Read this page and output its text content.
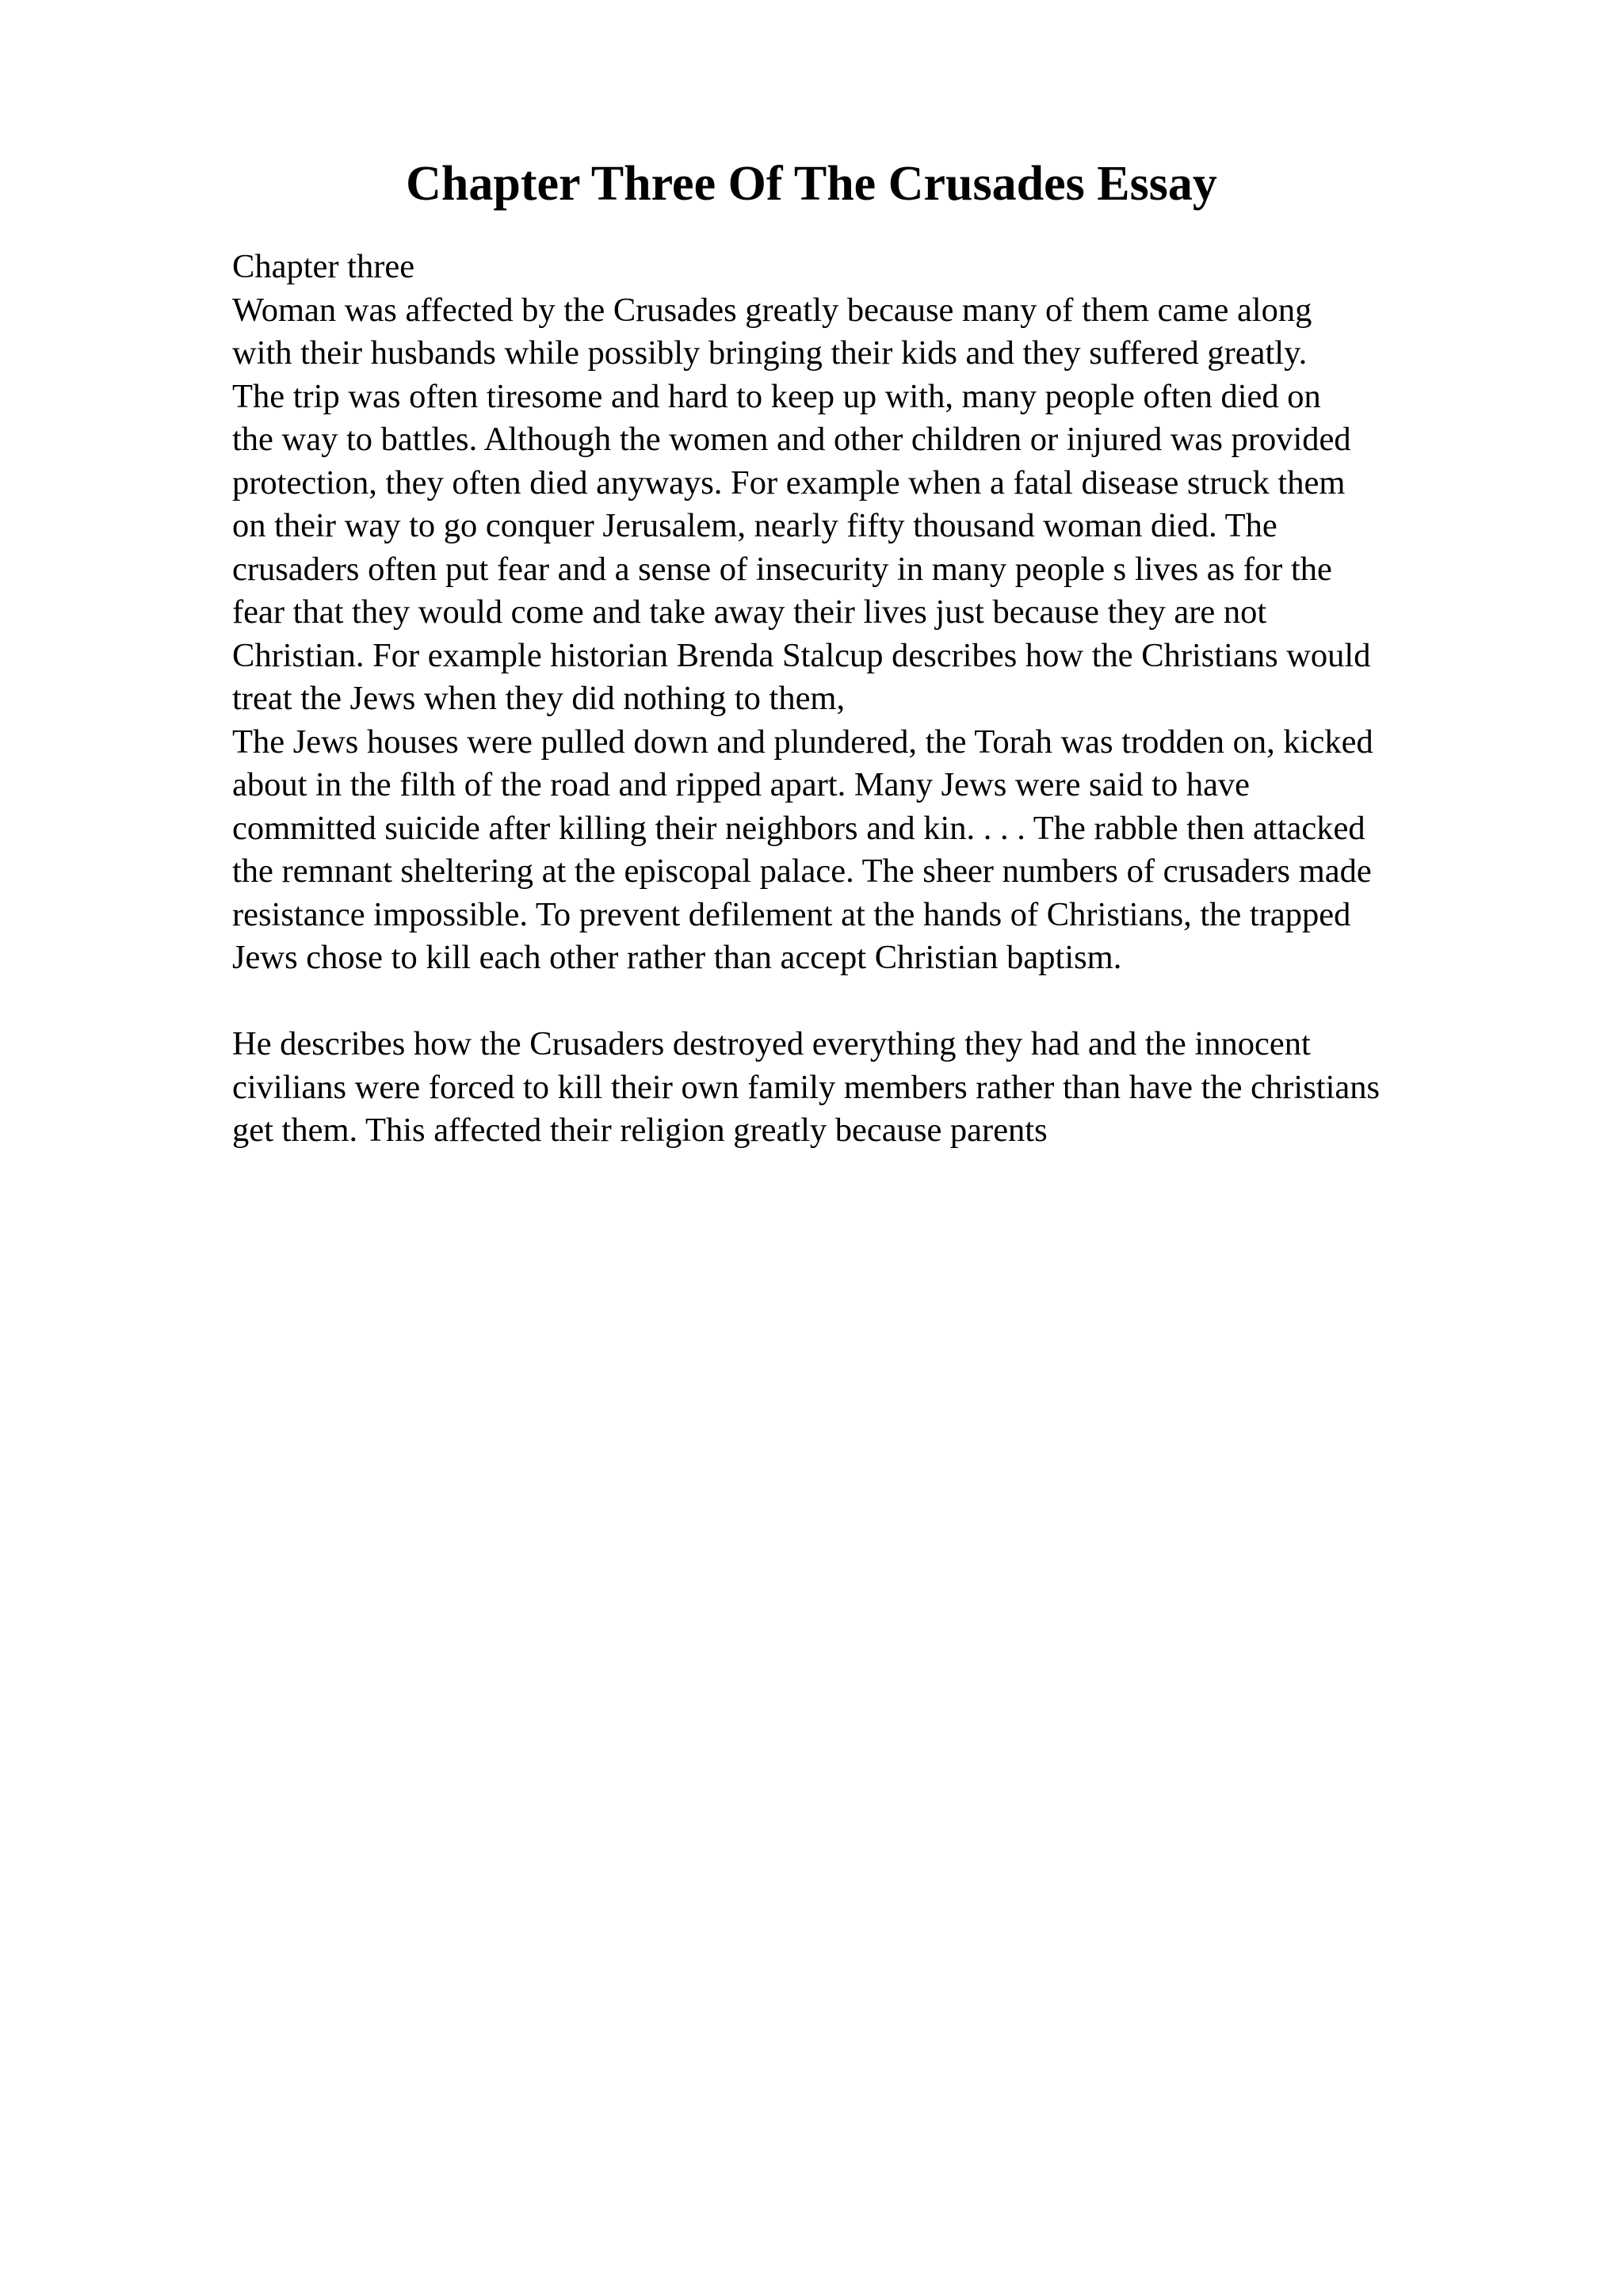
Chapter Three Of The Crusades Essay
Chapter three
Woman was affected by the Crusades greatly because many of them came along
with their husbands while possibly bringing their kids and they suffered greatly.
The trip was often tiresome and hard to keep up with, many people often died on
the way to battles. Although the women and other children or injured was provided
protection, they often died anyways. For example when a fatal disease struck them
on their way to go conquer Jerusalem, nearly fifty thousand woman died. The
crusaders often put fear and a sense of insecurity in many people s lives as for the
fear that they would come and take away their lives just because they are not
Christian. For example historian Brenda Stalcup describes how the Christians would
treat the Jews when they did nothing to them,
The Jews houses were pulled down and plundered, the Torah was trodden on, kicked
about in the filth of the road and ripped apart. Many Jews were said to have
committed suicide after killing their neighbors and kin. . . . The rabble then attacked
the remnant sheltering at the episcopal palace. The sheer numbers of crusaders made
resistance impossible. To prevent defilement at the hands of Christians, the trapped
Jews chose to kill each other rather than accept Christian baptism.
He describes how the Crusaders destroyed everything they had and the innocent
civilians were forced to kill their own family members rather than have the christians
get them. This affected their religion greatly because parents
